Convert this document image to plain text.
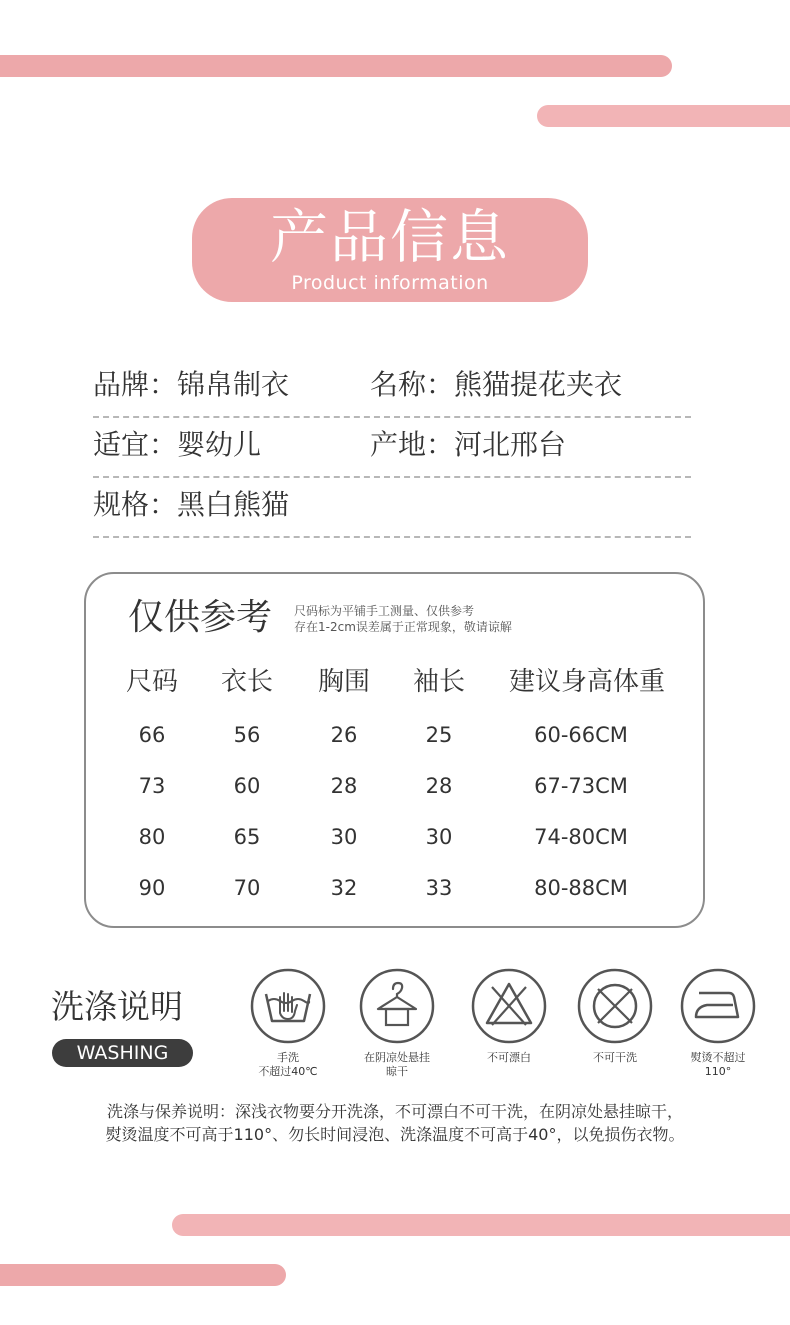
产品信息
Product information
品牌：锦帛制衣	名称：熊猫提花夹衣
适宜：婴幼儿	产地：河北邢台
规格：黑白熊猫
仅供参考 尺码标为平铺手工测量、仅供参考
存在1-2cm误差属于正常现象，敬请谅解
尺码 衣长 胸围 袖长 建议身高体重
66	56	26	25	60-66CM
73	60	28	28	67-73CM
80	65	30	30	74-80CM
90	70	32	33	80-88CM
洗涤说明
WASHING	手洗
不超过40℃
在阴凉处悬挂
晾干
不可漂白	不可干洗	熨烫不超过
110°
洗涤与保养说明：深浅衣物要分开洗涤，不可漂白不可干洗，在阴凉处悬挂晾干，
熨烫温度不可高于110°、勿长时间浸泡、洗涤温度不可高于40°，以免损伤衣物。
